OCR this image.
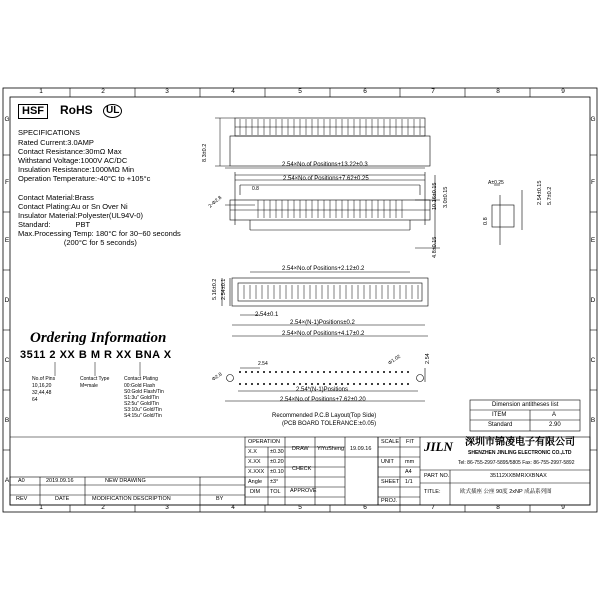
1	2	3	4	5	6	7	8	9
1	2	3	4	5	6	7	8	9
G
F
E
D
C
B
A
G
F
E
D
C
B
HSF	RoHS	UL
SPECIFICATIONS
Rated Current:3.0AMP
Contact Resistance:30mΩ Max
Withstand Voltage:1000V AC/DC
Insulation Resistance:1000MΩ Min
Operation Temperature:-40°C to +105°c
Contact Material:Brass
Contact Plating:Au or Sn Over Ni
Insulator Material:Polyester(UL94V-0)
Standard:            PBT
Max.Processing Temp: 180°C for 30~60 seconds
(200°C for 5 seconds)
Ordering Information
3511 2 XX B M R XX BNA X
No.of Pins
10,16,20
32,44,48
64
Contact Type
M=male
Contact Plating
00:Gold Flash
S0:Gold Flash/Tin
S1:3u" Gold/Tin
S2:5u" Gold/Tin
S3:10u" Gold/Tin
S4:15u" Gold/Tin
8.3±0.2
2.54×No.of Positions+13.22±0.3
2.54×No.of Positions+7.62±0.25
0.8
2-Φ2.8	10.16±0.15 3.0±0.15
4.8±0.15
A±0.25	2.54±0.15 5.7±0.2
0.8
2.54×No.of Positions+2.12±0.2
5.16±0.2 2.54±0.1
2.54±0.1
2.54×(N-1)Positions±0.2
2.54×No.of Positions+4.17±0.2
2.54	Φ1.02
Φ2.8
2.54*(N-1)Positions
2.54×No.of Positions+7.62±0.20
2.54
Recommended P.C.B Layout(Top Side)
(PCB BOARD TOLERANCE:±0.05)
Dimension antitheses list
ITEM	A
Standard	2.90
OPERATION
DRAW YiYuSheng 19.09.16
CHECK
APPROVE
X.X ±0.30
X.XX ±0.20
X.XXX ±0.10
Angle ±3°
DIM TOL
SCALE FIT
UNIT mm
A4
SHEET 1/1
PROJ.
JILN 深圳市锦凌电子有限公司
SHENZHEN JINLING ELECTRONIC CO.,LTD
Tel: 86-755-2997-5895/5805 Fax: 86-755-2997-5892
PART NO.	35112XXBMRXXBNAX
TITLE:	欧式插座 公座 90度 2xNP 成品系列图
A0	2019.09.16	NEW DRAWING
REV	DATE	MODIFICATION DESCRIPTION	BY
